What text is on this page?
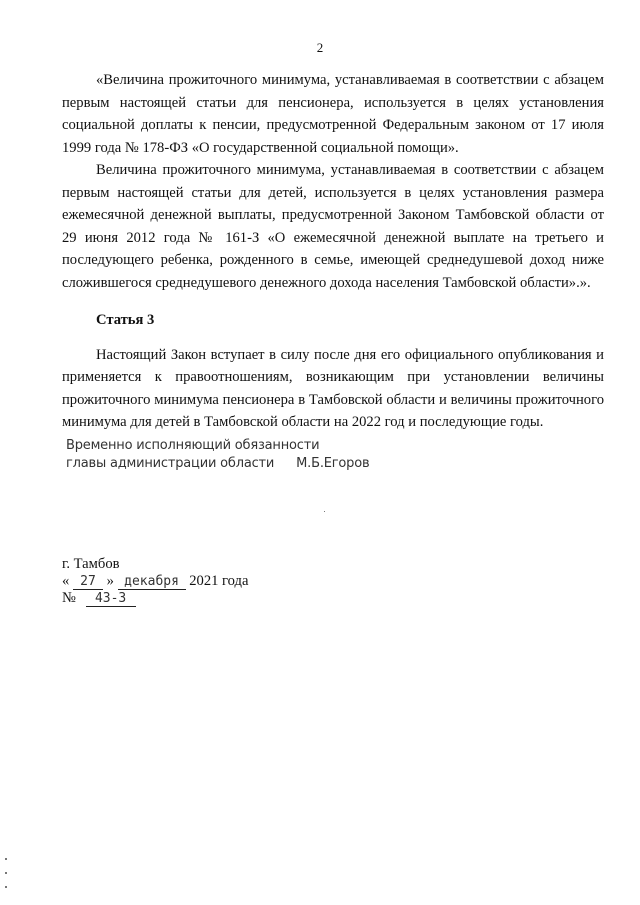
2

«Величина прожиточного минимума, устанавливаемая в соответствии с абзацем первым настоящей статьи для пенсионера, используется в целях установления социальной доплаты к пенсии, предусмотренной Федеральным законом от 17 июля 1999 года № 178-ФЗ «О государственной социальной помощи».

Величина прожиточного минимума, устанавливаемая в соответствии с абзацем первым настоящей статьи для детей, используется в целях установления размера ежемесячной денежной выплаты, предусмотренной Законом Тамбовской области от 29 июня 2012 года № 161-З «О ежемесячной денежной выплате на третьего и последующего ребенка, рожденного в семье, имеющей среднедушевой доход ниже сложившегося среднедушевого денежного дохода населения Тамбовской области».».

Статья 3

Настоящий Закон вступает в силу после дня его официального опубликования и применяется к правоотношениям, возникающим при установлении величины прожиточного минимума пенсионера в Тамбовской области и величины прожиточного минимума для детей в Тамбовской области на 2022 год и последующие годы.

Временно исполняющий обязанности
главы администрации области М.Б.Егоров
г. Тамбов
« 27 » декабря 2021 года
№ 43-З
